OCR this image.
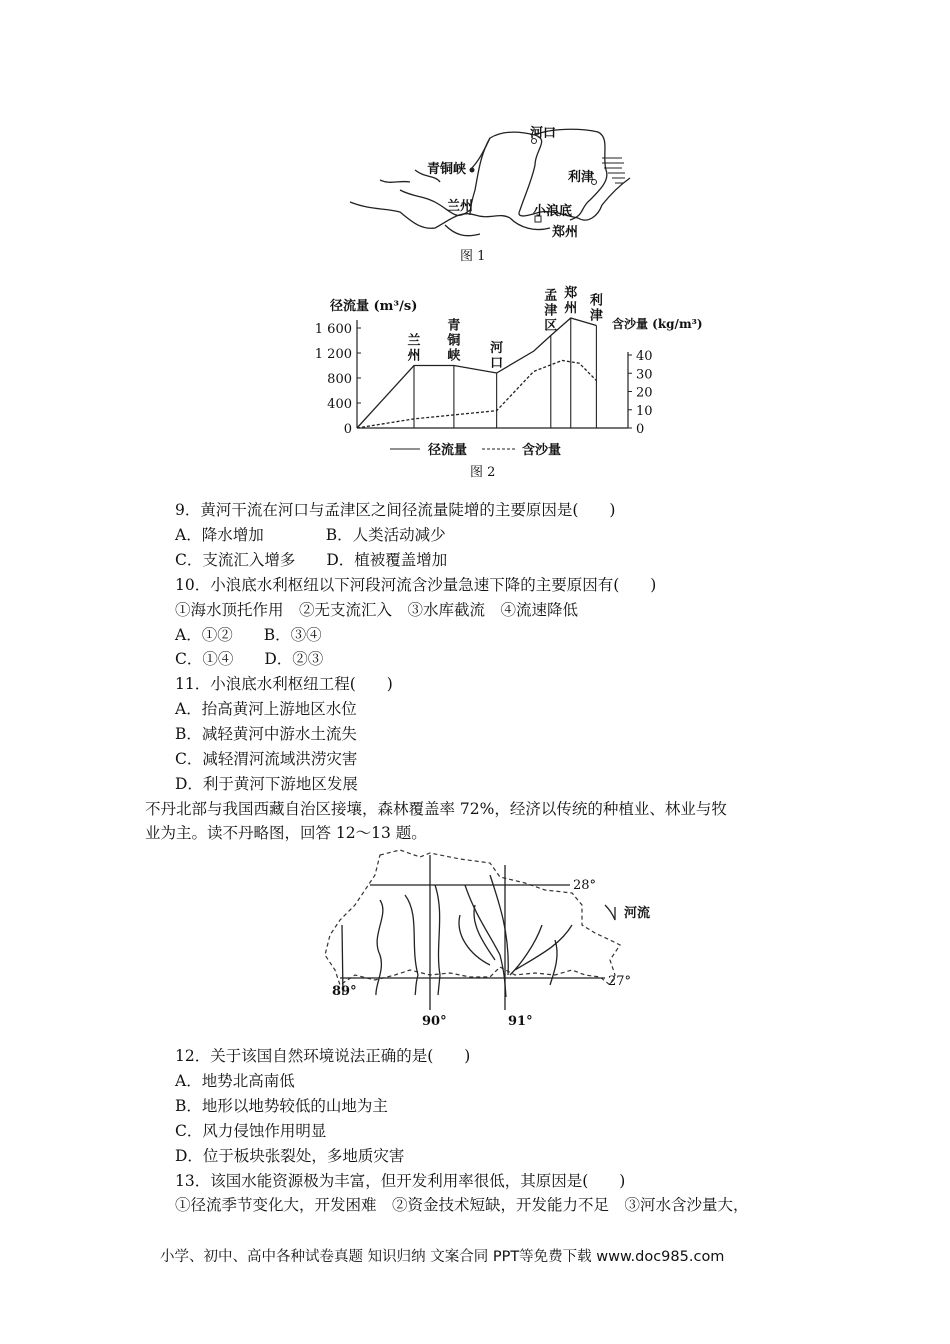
河口
青铜峡
利津
兰州	小浪底
郑州
图 1
0
400
800
1 200
1 600
0
10
20
30
40
兰州
青铜峡 河口
孟津区
郑州 利津
径流量 (m³/s)
含沙量 (kg/m³)
径流量	含沙量
图 2
9．黄河干流在河口与孟津区之间径流量陡增的主要原因是(　　)
A．降水增加　　　　B．人类活动减少
C．支流汇入增多　　D．植被覆盖增加
10．小浪底水利枢纽以下河段河流含沙量急速下降的主要原因有(　　)
①海水顶托作用　②无支流汇入　③水库截流　④流速降低
A．①②　　B．③④
C．①④　　D．②③
11．小浪底水利枢纽工程(　　)
A．抬高黄河上游地区水位
B．减轻黄河中游水土流失
C．减轻渭河流域洪涝灾害
D．利于黄河下游地区发展
不丹北部与我国西藏自治区接壤，森林覆盖率 72%，经济以传统的种植业、林业与牧
业为主。读不丹略图，回答 12～13 题。
28°
27°
89°
90°	91°
河流
12．关于该国自然环境说法正确的是(　　)
A．地势北高南低
B．地形以地势较低的山地为主
C．风力侵蚀作用明显
D．位于板块张裂处，多地质灾害
13．该国水能资源极为丰富，但开发利用率很低，其原因是(　　)
①径流季节变化大，开发困难　②资金技术短缺，开发能力不足　③河水含沙量大，
小学、初中、高中各种试卷真题 知识归纳 文案合同 PPT等免费下载 www.doc985.com
